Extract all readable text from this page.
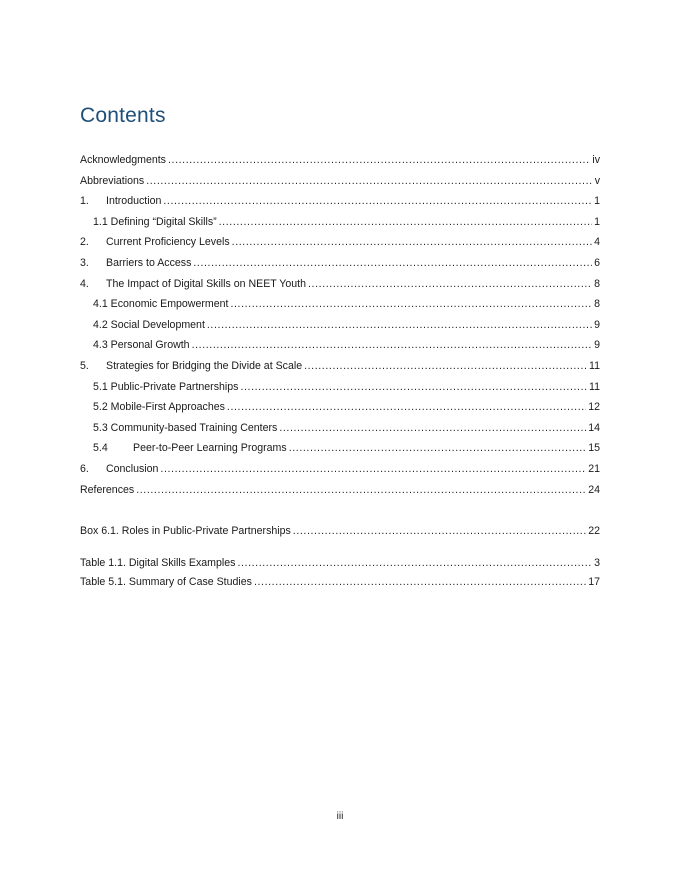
Contents
Acknowledgments .....	iv
Abbreviations .....	v
1.	Introduction .....	1
1.1 Defining “Digital Skills” .....	1
2.	Current Proficiency Levels .....	4
3.	Barriers to Access .....	6
4.	The Impact of Digital Skills on NEET Youth .....	8
4.1 Economic Empowerment .....	8
4.2 Social Development .....	9
4.3 Personal Growth .....	9
5.	Strategies for Bridging the Divide at Scale .....	11
5.1 Public-Private Partnerships .....	11
5.2 Mobile-First Approaches .....	12
5.3 Community-based Training Centers .....	14
5.4	Peer-to-Peer Learning Programs .....	15
6.	Conclusion .....	21
References .....	24
Box 6.1. Roles in Public-Private Partnerships .....	22
Table 1.1. Digital Skills Examples .....	3
Table 5.1. Summary of Case Studies .....	17
iii
